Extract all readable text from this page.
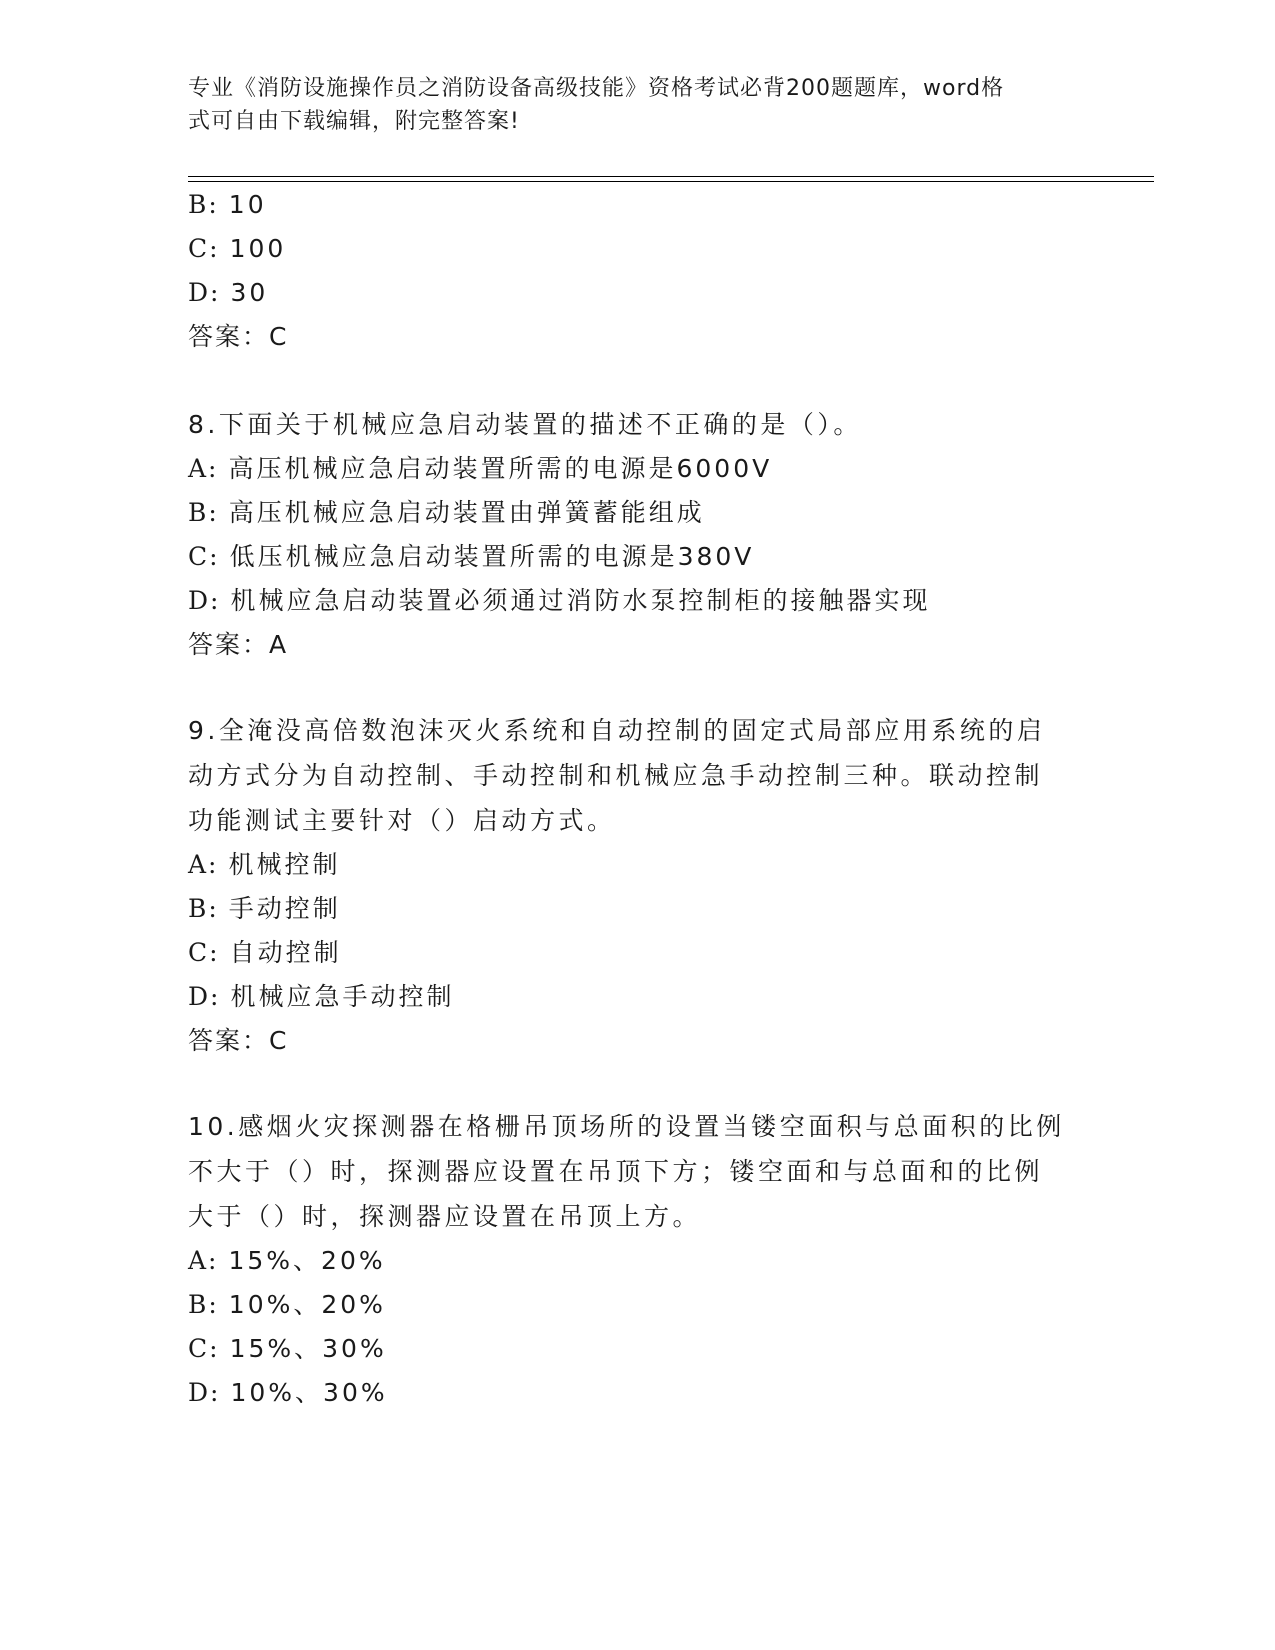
专业《消防设施操作员之消防设备高级技能》资格考试必背200题题库，word格
式可自由下载编辑，附完整答案!
B: 10
C: 100
D: 30
答案：C
8.下面关于机械应急启动装置的描述不正确的是（）。
A: 高压机械应急启动装置所需的电源是6000V
B: 高压机械应急启动装置由弹簧蓄能组成
C: 低压机械应急启动装置所需的电源是380V
D: 机械应急启动装置必须通过消防水泵控制柜的接触器实现
答案：A
9.全淹没高倍数泡沫灭火系统和自动控制的固定式局部应用系统的启
动方式分为自动控制、手动控制和机械应急手动控制三种。联动控制
功能测试主要针对（）启动方式。
A: 机械控制
B: 手动控制
C: 自动控制
D: 机械应急手动控制
答案：C
10.感烟火灾探测器在格栅吊顶场所的设置当镂空面积与总面积的比例
不大于（）时，探测器应设置在吊顶下方；镂空面和与总面和的比例
大于（）时，探测器应设置在吊顶上方。
A: 15%、20%
B: 10%、20%
C: 15%、30%
D: 10%、30%
